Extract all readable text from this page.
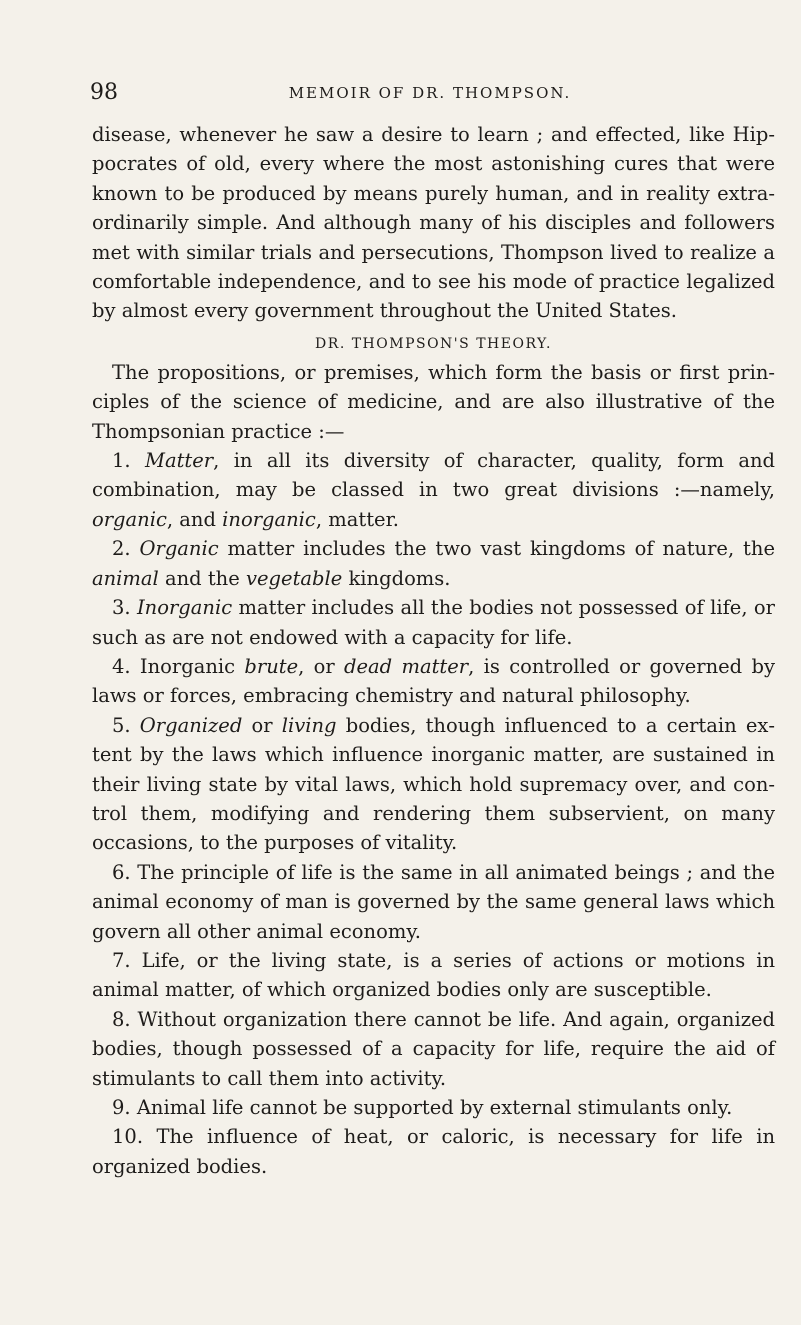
98	MEMOIR OF DR. THOMPSON.

disease, whenever he saw a desire to learn ; and effected, like Hippocrates of old, every where the most astonishing cures that were known to be produced by means purely human, and in reality extraordinarily simple. And although many of his disciples and followers met with similar trials and persecutions, Thompson lived to realize a comfortable independence, and to see his mode of practice legalized by almost every government throughout the United States.

DR. THOMPSON'S THEORY.

The propositions, or premises, which form the basis or first principles of the science of medicine, and are also illustrative of the Thompsonian practice :—

1. Matter, in all its diversity of character, quality, form and combination, may be classed in two great divisions :—namely, organic, and inorganic, matter.

2. Organic matter includes the two vast kingdoms of nature, the animal and the vegetable kingdoms.

3. Inorganic matter includes all the bodies not possessed of life, or such as are not endowed with a capacity for life.

4. Inorganic brute, or dead matter, is controlled or governed by laws or forces, embracing chemistry and natural philosophy.

5. Organized or living bodies, though influenced to a certain extent by the laws which influence inorganic matter, are sustained in their living state by vital laws, which hold supremacy over, and control them, modifying and rendering them subservient, on many occasions, to the purposes of vitality.

6. The principle of life is the same in all animated beings ; and the animal economy of man is governed by the same general laws which govern all other animal economy.

7. Life, or the living state, is a series of actions or motions in animal matter, of which organized bodies only are susceptible.

8. Without organization there cannot be life. And again, organized bodies, though possessed of a capacity for life, require the aid of stimulants to call them into activity.

9. Animal life cannot be supported by external stimulants only.

10. The influence of heat, or caloric, is necessary for life in organized bodies.
